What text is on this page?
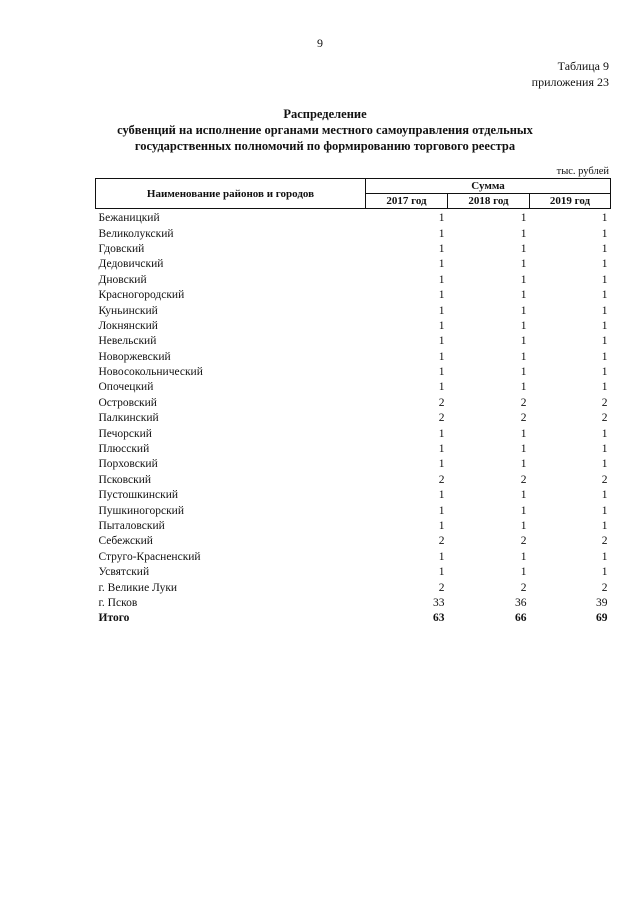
9
Таблица 9
приложения 23
Распределение
субвенций на исполнение органами местного самоуправления отдельных
государственных полномочий по формированию торгового реестра
тыс. рублей
Наименование районов и городов	Сумма		
	2017 год	2018 год	2019 год
Бежаницкий	1	1	1
Великолукский	1	1	1
Гдовский	1	1	1
Дедовичский	1	1	1
Дновский	1	1	1
Красногородский	1	1	1
Куньинский	1	1	1
Локнянский	1	1	1
Невельский	1	1	1
Новоржевский	1	1	1
Новосокольнический	1	1	1
Опочецкий	1	1	1
Островский	2	2	2
Палкинский	2	2	2
Печорский	1	1	1
Плюсский	1	1	1
Порховский	1	1	1
Псковский	2	2	2
Пустошкинский	1	1	1
Пушкиногорский	1	1	1
Пыталовский	1	1	1
Себежский	2	2	2
Струго-Красненский	1	1	1
Усвятский	1	1	1
г. Великие Луки	2	2	2
г. Псков	33	36	39
Итого	63	66	69
